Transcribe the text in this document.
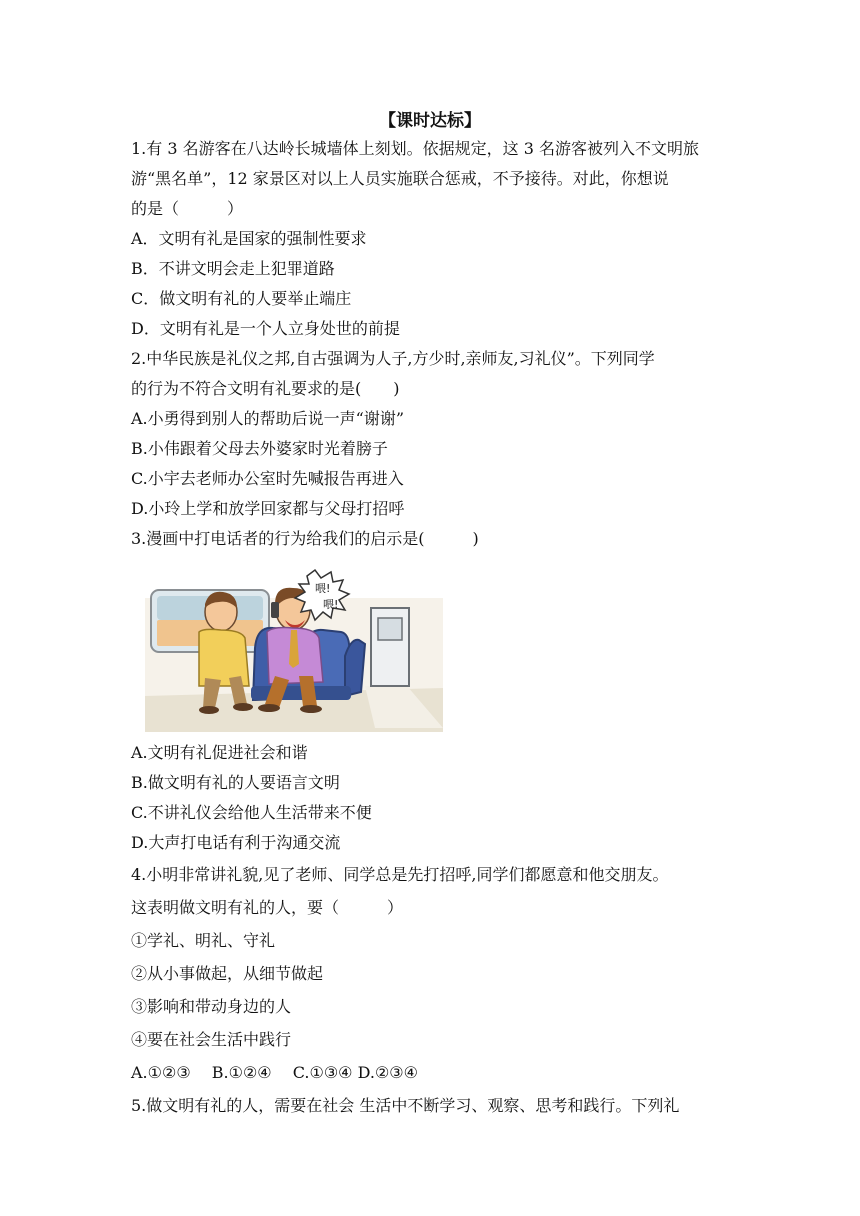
【课时达标】
1.有 3 名游客在八达岭长城墙体上刻划。依据规定，这 3 名游客被列入不文明旅
游“黑名单”，12 家景区对以上人员实施联合惩戒，不予接待。对此，你想说
的是（　　　）
A．文明有礼是国家的强制性要求
B．不讲文明会走上犯罪道路
C．做文明有礼的人要举止端庄
D．文明有礼是一个人立身处世的前提
2.中华民族是礼仪之邦,自古强调为人子,方少时,亲师友,习礼仪”。下列同学
的行为不符合文明有礼要求的是(　　)
A.小勇得到别人的帮助后说一声“谢谢”
B.小伟跟着父母去外婆家时光着膀子
C.小宇去老师办公室时先喊报告再进入
D.小玲上学和放学回家都与父母打招呼
3.漫画中打电话者的行为给我们的启示是(　　　)
喂!
喂!
A.文明有礼促进社会和谐
B.做文明有礼的人要语言文明
C.不讲礼仪会给他人生活带来不便
D.大声打电话有利于沟通交流
4.小明非常讲礼貌,见了老师、同学总是先打招呼,同学们都愿意和他交朋友。
这表明做文明有礼的人，要（　　　）
①学礼、明礼、守礼
②从小事做起，从细节做起
③影响和带动身边的人
④要在社会生活中践行
A.①②③　 B.①②④　 C.①③④ D.②③④
5.做文明有礼的人，需要在社会 生活中不断学习、观察、思考和践行。下列礼
